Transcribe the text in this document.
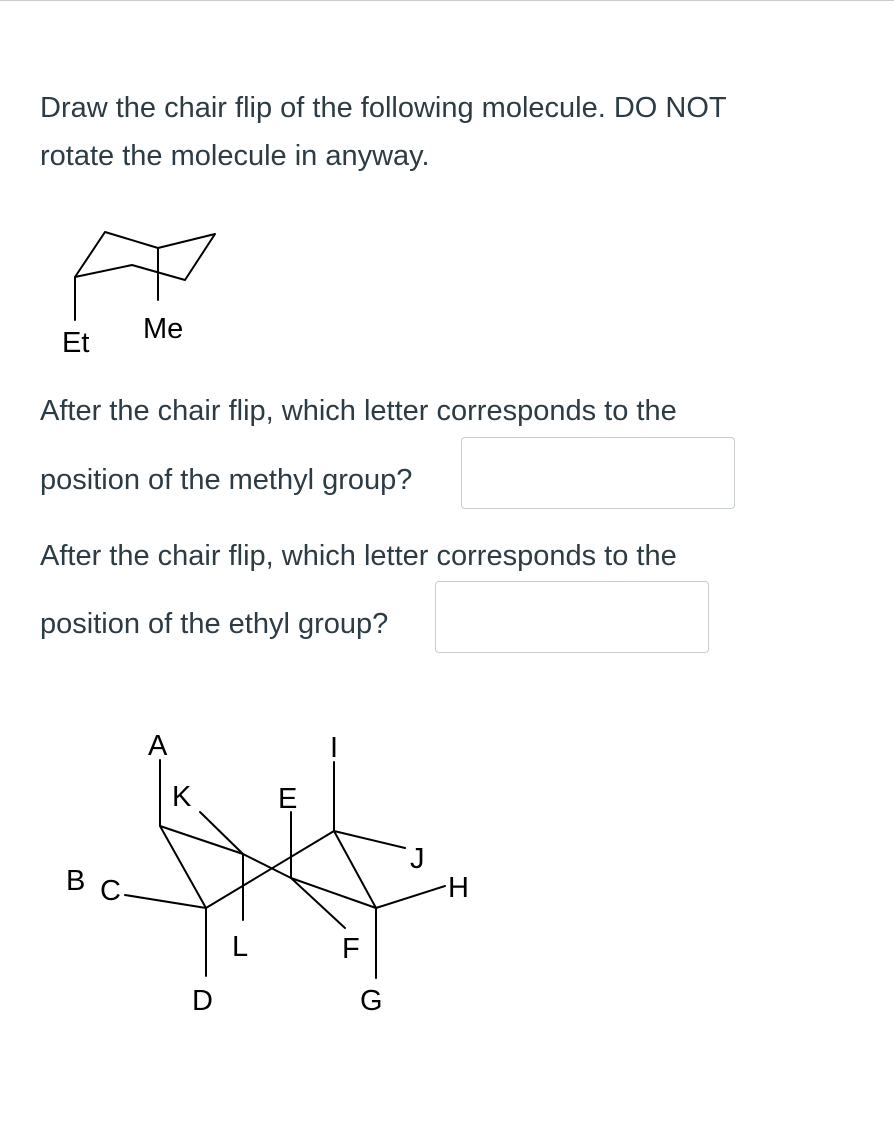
Draw the chair flip of the following molecule. DO NOT
rotate the molecule in anyway.
Et Me
After the chair flip, which letter corresponds to the
position of the methyl group?
After the chair flip, which letter corresponds to the
position of the ethyl group?
A
B C
D
E
F
G
H
I
J
K
L
